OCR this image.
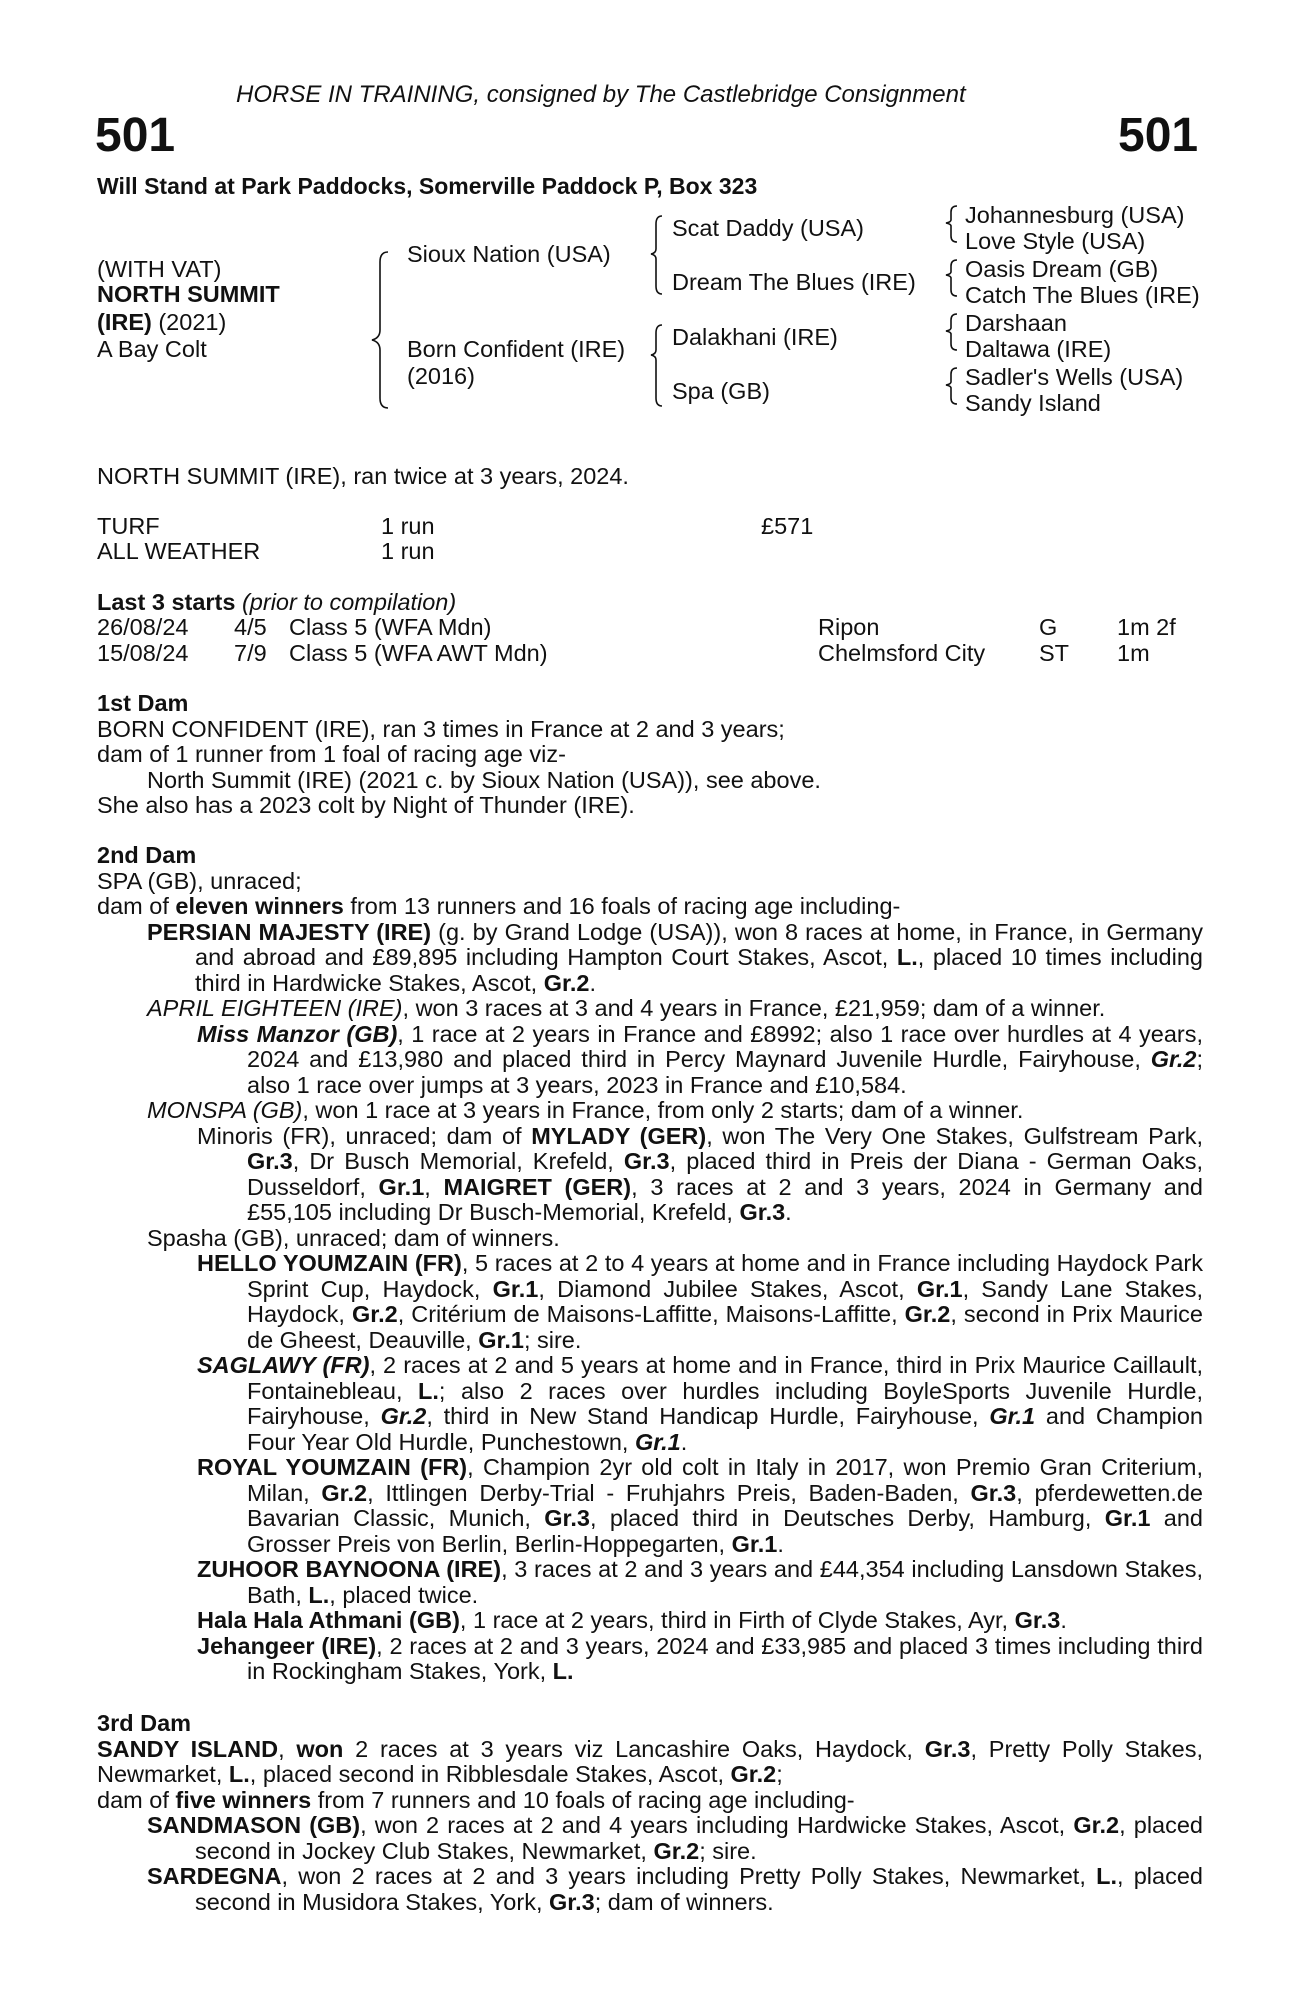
HORSE IN TRAINING, consigned by The Castlebridge Consignment
501	501
Will Stand at Park Paddocks, Somerville Paddock P, Box 323
(WITH VAT)
NORTH SUMMIT
(IRE) (2021)
A Bay Colt
Sioux Nation (USA)
Born Confident (IRE)
(2016)
Scat Daddy (USA)
Dream The Blues (IRE)
Dalakhani (IRE)
Spa (GB)
Johannesburg (USA)
Love Style (USA)
Oasis Dream (GB)
Catch The Blues (IRE)
Darshaan
Daltawa (IRE)
Sadler's Wells (USA)
Sandy Island
NORTH SUMMIT (IRE), ran twice at 3 years, 2024.
TURF	1 run	£571
ALL WEATHER	1 run
Last 3 starts (prior to compilation)
26/08/24 4/5 Class 5 (WFA Mdn)	Ripon	G	1m 2f
15/08/24 7/9 Class 5 (WFA AWT Mdn)	Chelmsford City ST 1m

1st Dam

BORN CONFIDENT (IRE), ran 3 times in France at 2 and 3 years;

dam of 1 runner from 1 foal of racing age viz-

North Summit (IRE) (2021 c. by Sioux Nation (USA)), see above.

She also has a 2023 colt by Night of Thunder (IRE).

2nd Dam

SPA (GB), unraced;

dam of eleven winners from 13 runners and 16 foals of racing age including-

PERSIAN MAJESTY (IRE) (g. by Grand Lodge (USA)), won 8 races at home, in France, in Germany and abroad and £89,895 including Hampton Court Stakes, Ascot, L., placed 10 times including third in Hardwicke Stakes, Ascot, Gr.2.

APRIL EIGHTEEN (IRE), won 3 races at 3 and 4 years in France, £21,959; dam of a winner.

Miss Manzor (GB), 1 race at 2 years in France and £8992; also 1 race over hurdles at 4 years, 2024 and £13,980 and placed third in Percy Maynard Juvenile Hurdle, Fairyhouse, Gr.2; also 1 race over jumps at 3 years, 2023 in France and £10,584.

MONSPA (GB), won 1 race at 3 years in France, from only 2 starts; dam of a winner.

Minoris (FR), unraced; dam of MYLADY (GER), won The Very One Stakes, Gulfstream Park, Gr.3, Dr Busch Memorial, Krefeld, Gr.3, placed third in Preis der Diana - German Oaks, Dusseldorf, Gr.1, MAIGRET (GER), 3 races at 2 and 3 years, 2024 in Germany and £55,105 including Dr Busch-Memorial, Krefeld, Gr.3.

Spasha (GB), unraced; dam of winners.

HELLO YOUMZAIN (FR), 5 races at 2 to 4 years at home and in France including Haydock Park Sprint Cup, Haydock, Gr.1, Diamond Jubilee Stakes, Ascot, Gr.1, Sandy Lane Stakes, Haydock, Gr.2, Critérium de Maisons-Laffitte, Maisons-Laffitte, Gr.2, second in Prix Maurice de Gheest, Deauville, Gr.1; sire.

SAGLAWY (FR), 2 races at 2 and 5 years at home and in France, third in Prix Maurice Caillault, Fontainebleau, L.; also 2 races over hurdles including BoyleSports Juvenile Hurdle, Fairyhouse, Gr.2, third in New Stand Handicap Hurdle, Fairyhouse, Gr.1 and Champion Four Year Old Hurdle, Punchestown, Gr.1.

ROYAL YOUMZAIN (FR), Champion 2yr old colt in Italy in 2017, won Premio Gran Criterium, Milan, Gr.2, Ittlingen Derby-Trial - Fruhjahrs Preis, Baden-Baden, Gr.3, pferdewetten.de Bavarian Classic, Munich, Gr.3, placed third in Deutsches Derby, Hamburg, Gr.1 and Grosser Preis von Berlin, Berlin-Hoppegarten, Gr.1.

ZUHOOR BAYNOONA (IRE), 3 races at 2 and 3 years and £44,354 including Lansdown Stakes, Bath, L., placed twice.

Hala Hala Athmani (GB), 1 race at 2 years, third in Firth of Clyde Stakes, Ayr, Gr.3.

Jehangeer (IRE), 2 races at 2 and 3 years, 2024 and £33,985 and placed 3 times including third in Rockingham Stakes, York, L.

3rd Dam

SANDY ISLAND, won 2 races at 3 years viz Lancashire Oaks, Haydock, Gr.3, Pretty Polly Stakes, Newmarket, L., placed second in Ribblesdale Stakes, Ascot, Gr.2;

dam of five winners from 7 runners and 10 foals of racing age including-

SANDMASON (GB), won 2 races at 2 and 4 years including Hardwicke Stakes, Ascot, Gr.2, placed second in Jockey Club Stakes, Newmarket, Gr.2; sire.

SARDEGNA, won 2 races at 2 and 3 years including Pretty Polly Stakes, Newmarket, L., placed second in Musidora Stakes, York, Gr.3; dam of winners.
